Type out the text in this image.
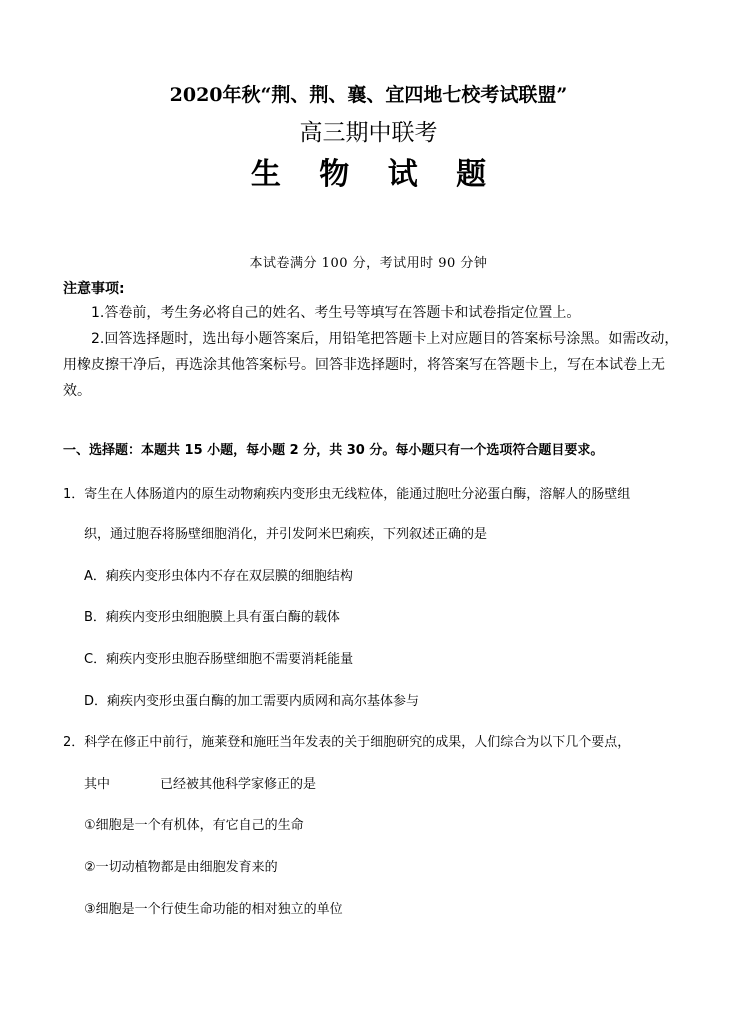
2020年秋“荆、荆、襄、宜四地七校考试联盟”
高三期中联考
生 物 试 题
本试卷满分 100 分，考试用时 90 分钟
注意事项:
1.答卷前，考生务必将自己的姓名、考生号等填写在答题卡和试卷指定位置上。
2.回答选择题时，选出每小题答案后，用铅笔把答题卡上对应题目的答案标号涂黑。如需改动，
用橡皮擦干净后，再选涂其他答案标号。回答非选择题时，将答案写在答题卡上，写在本试卷上无
效。
一、选择题：本题共 15 小题，每小题 2 分，共 30 分。每小题只有一个选项符合题目要求。
1．寄生在人体肠道内的原生动物痢疾内变形虫无线粒体，能通过胞吐分泌蛋白酶，溶解人的肠壁组
织，通过胞吞将肠壁细胞消化，并引发阿米巴痢疾，下列叙述正确的是
A．痢疾内变形虫体内不存在双层膜的细胞结构
B．痢疾内变形虫细胞膜上具有蛋白酶的载体
C．痢疾内变形虫胞吞肠壁细胞不需要消耗能量
D．痢疾内变形虫蛋白酶的加工需要内质网和高尔基体参与
2．科学在修正中前行，施莱登和施旺当年发表的关于细胞研究的成果，人们综合为以下几个要点，
其中	已经被其他科学家修正的是
①细胞是一个有机体，有它自己的生命
②一切动植物都是由细胞发育来的
③细胞是一个行使生命功能的相对独立的单位
